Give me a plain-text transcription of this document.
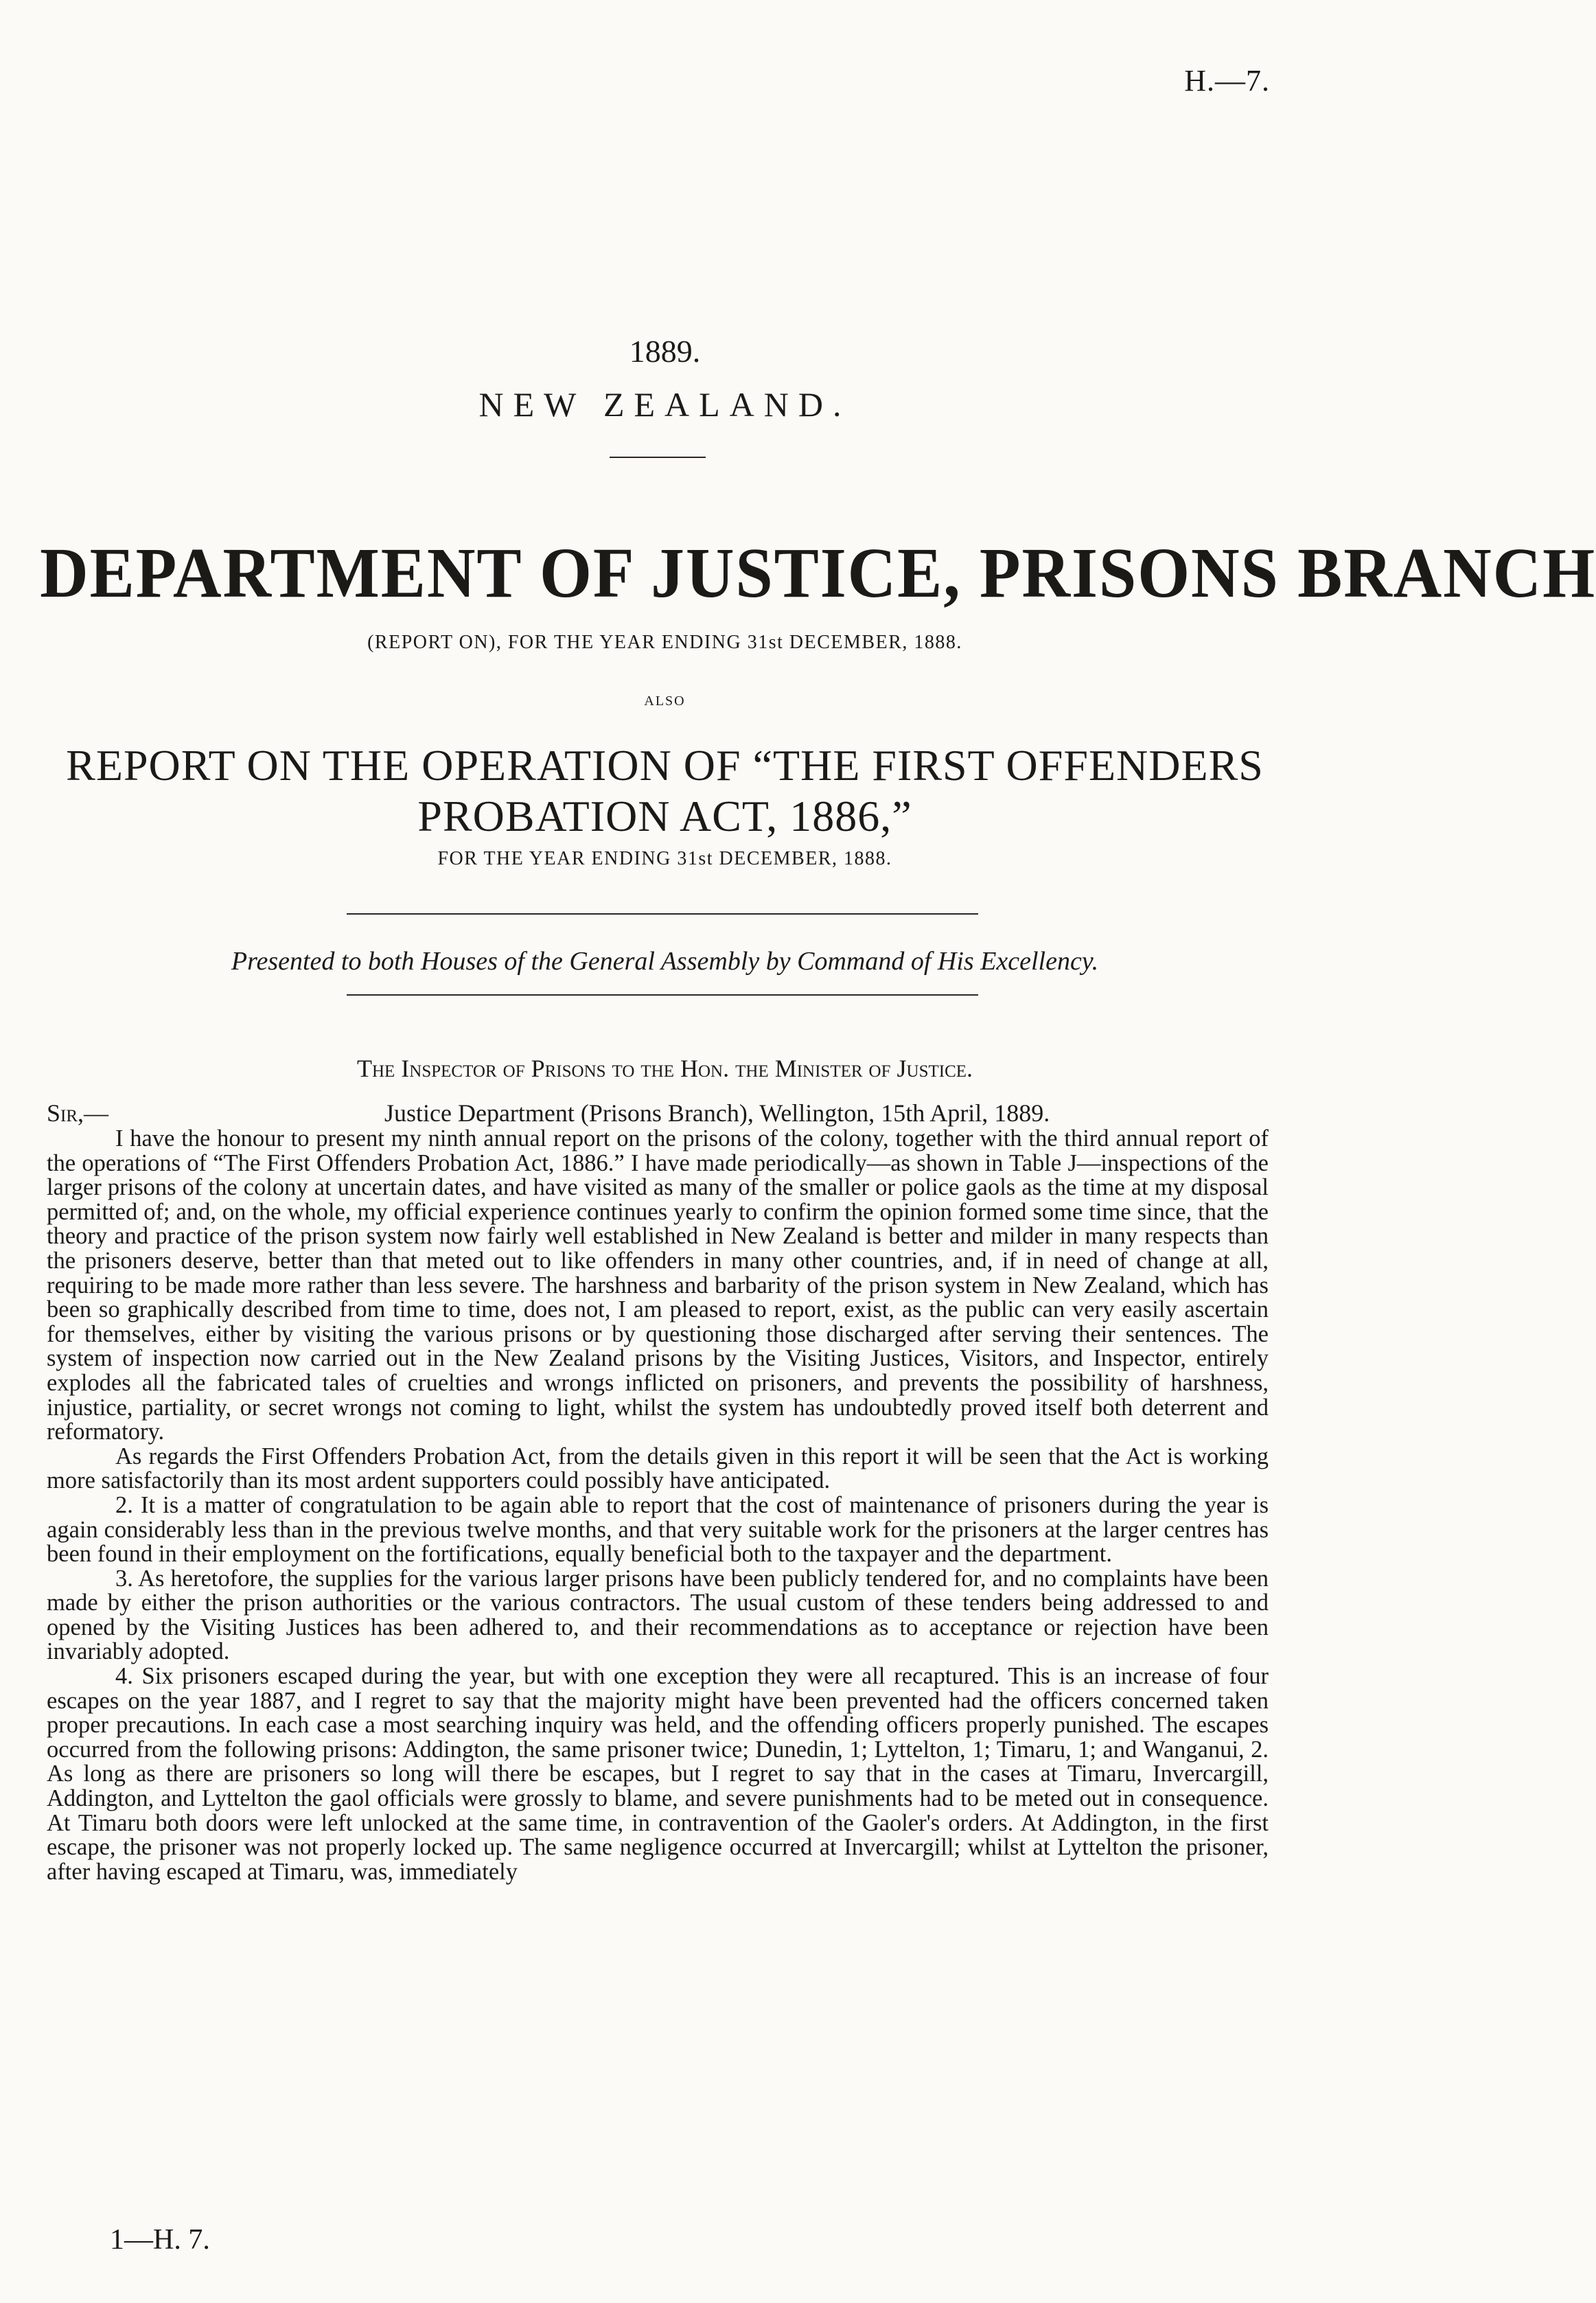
H.—7.
1889.
NEW ZEALAND.
DEPARTMENT OF JUSTICE, PRISONS BRANCH
(REPORT ON), FOR THE YEAR ENDING 31st DECEMBER, 1888.
ALSO
REPORT ON THE OPERATION OF “THE FIRST OFFENDERS PROBATION ACT, 1886,”
FOR THE YEAR ENDING 31st DECEMBER, 1888.
Presented to both Houses of the General Assembly by Command of His Excellency.
The Inspector of Prisons to the Hon. the Minister of Justice.
Sir,—	Justice Department (Prisons Branch), Wellington, 15th April, 1889.

I have the honour to present my ninth annual report on the prisons of the colony, together with the third annual report of the operations of “The First Offenders Probation Act, 1886.” I have made periodically—as shown in Table J—inspections of the larger prisons of the colony at uncertain dates, and have visited as many of the smaller or police gaols as the time at my disposal permitted of; and, on the whole, my official experience continues yearly to confirm the opinion formed some time since, that the theory and practice of the prison system now fairly well established in New Zealand is better and milder in many respects than the prisoners deserve, better than that meted out to like offenders in many other countries, and, if in need of change at all, requiring to be made more rather than less severe. The harshness and barbarity of the prison system in New Zealand, which has been so graphically described from time to time, does not, I am pleased to report, exist, as the public can very easily ascertain for themselves, either by visiting the various prisons or by questioning those discharged after serving their sentences. The system of inspection now carried out in the New Zealand prisons by the Visiting Justices, Visitors, and Inspector, entirely explodes all the fabricated tales of cruelties and wrongs inflicted on prisoners, and prevents the possibility of harshness, injustice, partiality, or secret wrongs not coming to light, whilst the system has undoubtedly proved itself both deterrent and reformatory.

As regards the First Offenders Probation Act, from the details given in this report it will be seen that the Act is working more satisfactorily than its most ardent supporters could possibly have anticipated.

2. It is a matter of congratulation to be again able to report that the cost of maintenance of prisoners during the year is again considerably less than in the previous twelve months, and that very suitable work for the prisoners at the larger centres has been found in their employment on the fortifications, equally beneficial both to the taxpayer and the department.

3. As heretofore, the supplies for the various larger prisons have been publicly tendered for, and no complaints have been made by either the prison authorities or the various contractors. The usual custom of these tenders being addressed to and opened by the Visiting Justices has been adhered to, and their recommendations as to acceptance or rejection have been invariably adopted.

4. Six prisoners escaped during the year, but with one exception they were all recaptured. This is an increase of four escapes on the year 1887, and I regret to say that the majority might have been prevented had the officers concerned taken proper precautions. In each case a most searching inquiry was held, and the offending officers properly punished. The escapes occurred from the following prisons: Addington, the same prisoner twice; Dunedin, 1; Lyttelton, 1; Timaru, 1; and Wanganui, 2. As long as there are prisoners so long will there be escapes, but I regret to say that in the cases at Timaru, Invercargill, Addington, and Lyttelton the gaol officials were grossly to blame, and severe punishments had to be meted out in consequence. At Timaru both doors were left unlocked at the same time, in contravention of the Gaoler's orders. At Addington, in the first escape, the prisoner was not properly locked up. The same negligence occurred at Invercargill; whilst at Lyttelton the prisoner, after having escaped at Timaru, was, immediately

1—H. 7.
